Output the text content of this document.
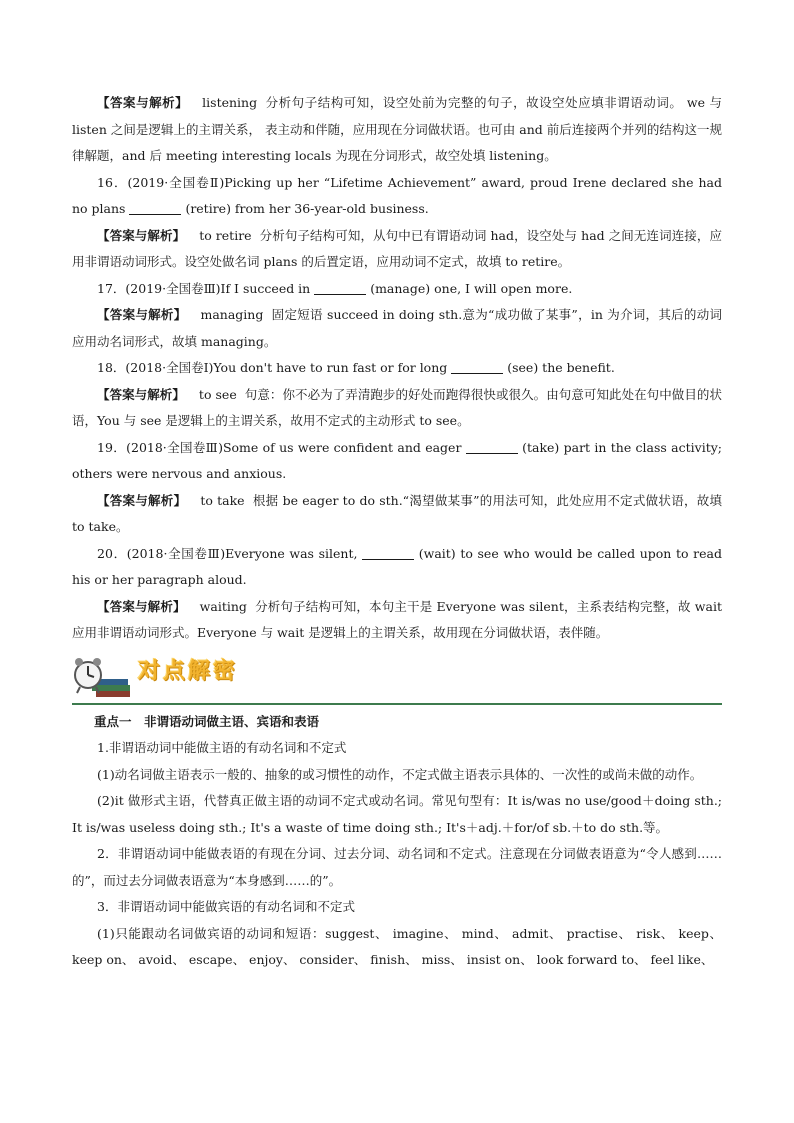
【答案与解析】 listening 分析句子结构可知，设空处前为完整的句子，故设空处应填非谓语动词。 we 与 listen 之间是逻辑上的主谓关系， 表主动和伴随，应用现在分词做状语。也可由 and 前后连接两个并列的结构这一规律解题，and 后 meeting interesting locals 为现在分词形式，故空处填 listening。

16．(2019·全国卷Ⅱ)Picking up her “Lifetime Achievement” award, proud Irene declared she had no plans	(retire) from her 36-year-old business.

【答案与解析】 to retire 分析句子结构可知，从句中已有谓语动词 had，设空处与 had 之间无连词连接，应用非谓语动词形式。设空处做名词 plans 的后置定语，应用动词不定式，故填 to retire。

17．(2019·全国卷Ⅲ)If I succeed in	(manage) one, I will open more.

【答案与解析】 managing 固定短语 succeed in doing sth.意为“成功做了某事”，in 为介词，其后的动词应用动名词形式，故填 managing。

18．(2018·全国卷Ⅰ)You don't have to run fast or for long	(see) the benefit.

【答案与解析】 to see 句意：你不必为了弄清跑步的好处而跑得很快或很久。由句意可知此处在句中做目的状语，You 与 see 是逻辑上的主谓关系，故用不定式的主动形式 to see。

19．(2018·全国卷Ⅲ)Some of us were confident and eager	(take) part in the class activity; others were nervous and anxious.

【答案与解析】 to take 根据 be eager to do sth.“渴望做某事”的用法可知，此处应用不定式做状语，故填 to take。

20．(2018·全国卷Ⅲ)Everyone was silent,	(wait) to see who would be called upon to read his or her paragraph aloud.

【答案与解析】 waiting 分析句子结构可知，本句主干是 Everyone was silent，主系表结构完整，故 wait 应用非谓语动词形式。Everyone 与 wait 是逻辑上的主谓关系，故用现在分词做状语，表伴随。

对点解密

重点一　非谓语动词做主语、宾语和表语

1.非谓语动词中能做主语的有动名词和不定式

(1)动名词做主语表示一般的、抽象的或习惯性的动作，不定式做主语表示具体的、一次性的或尚未做的动作。

(2)it 做形式主语，代替真正做主语的动词不定式或动名词。常见句型有：It is/was no use/good＋doing sth.; It is/was useless doing sth.; It's a waste of time doing sth.; It's＋adj.＋for/of sb.＋to do sth.等。

2．非谓语动词中能做表语的有现在分词、过去分词、动名词和不定式。注意现在分词做表语意为“令人感到……的”，而过去分词做表语意为“本身感到……的”。

3．非谓语动词中能做宾语的有动名词和不定式

(1)只能跟动名词做宾语的动词和短语：suggest、 imagine、 mind、 admit、 practise、 risk、 keep、 keep on、 avoid、 escape、 enjoy、 consider、 finish、 miss、 insist on、 look forward to、 feel like、
